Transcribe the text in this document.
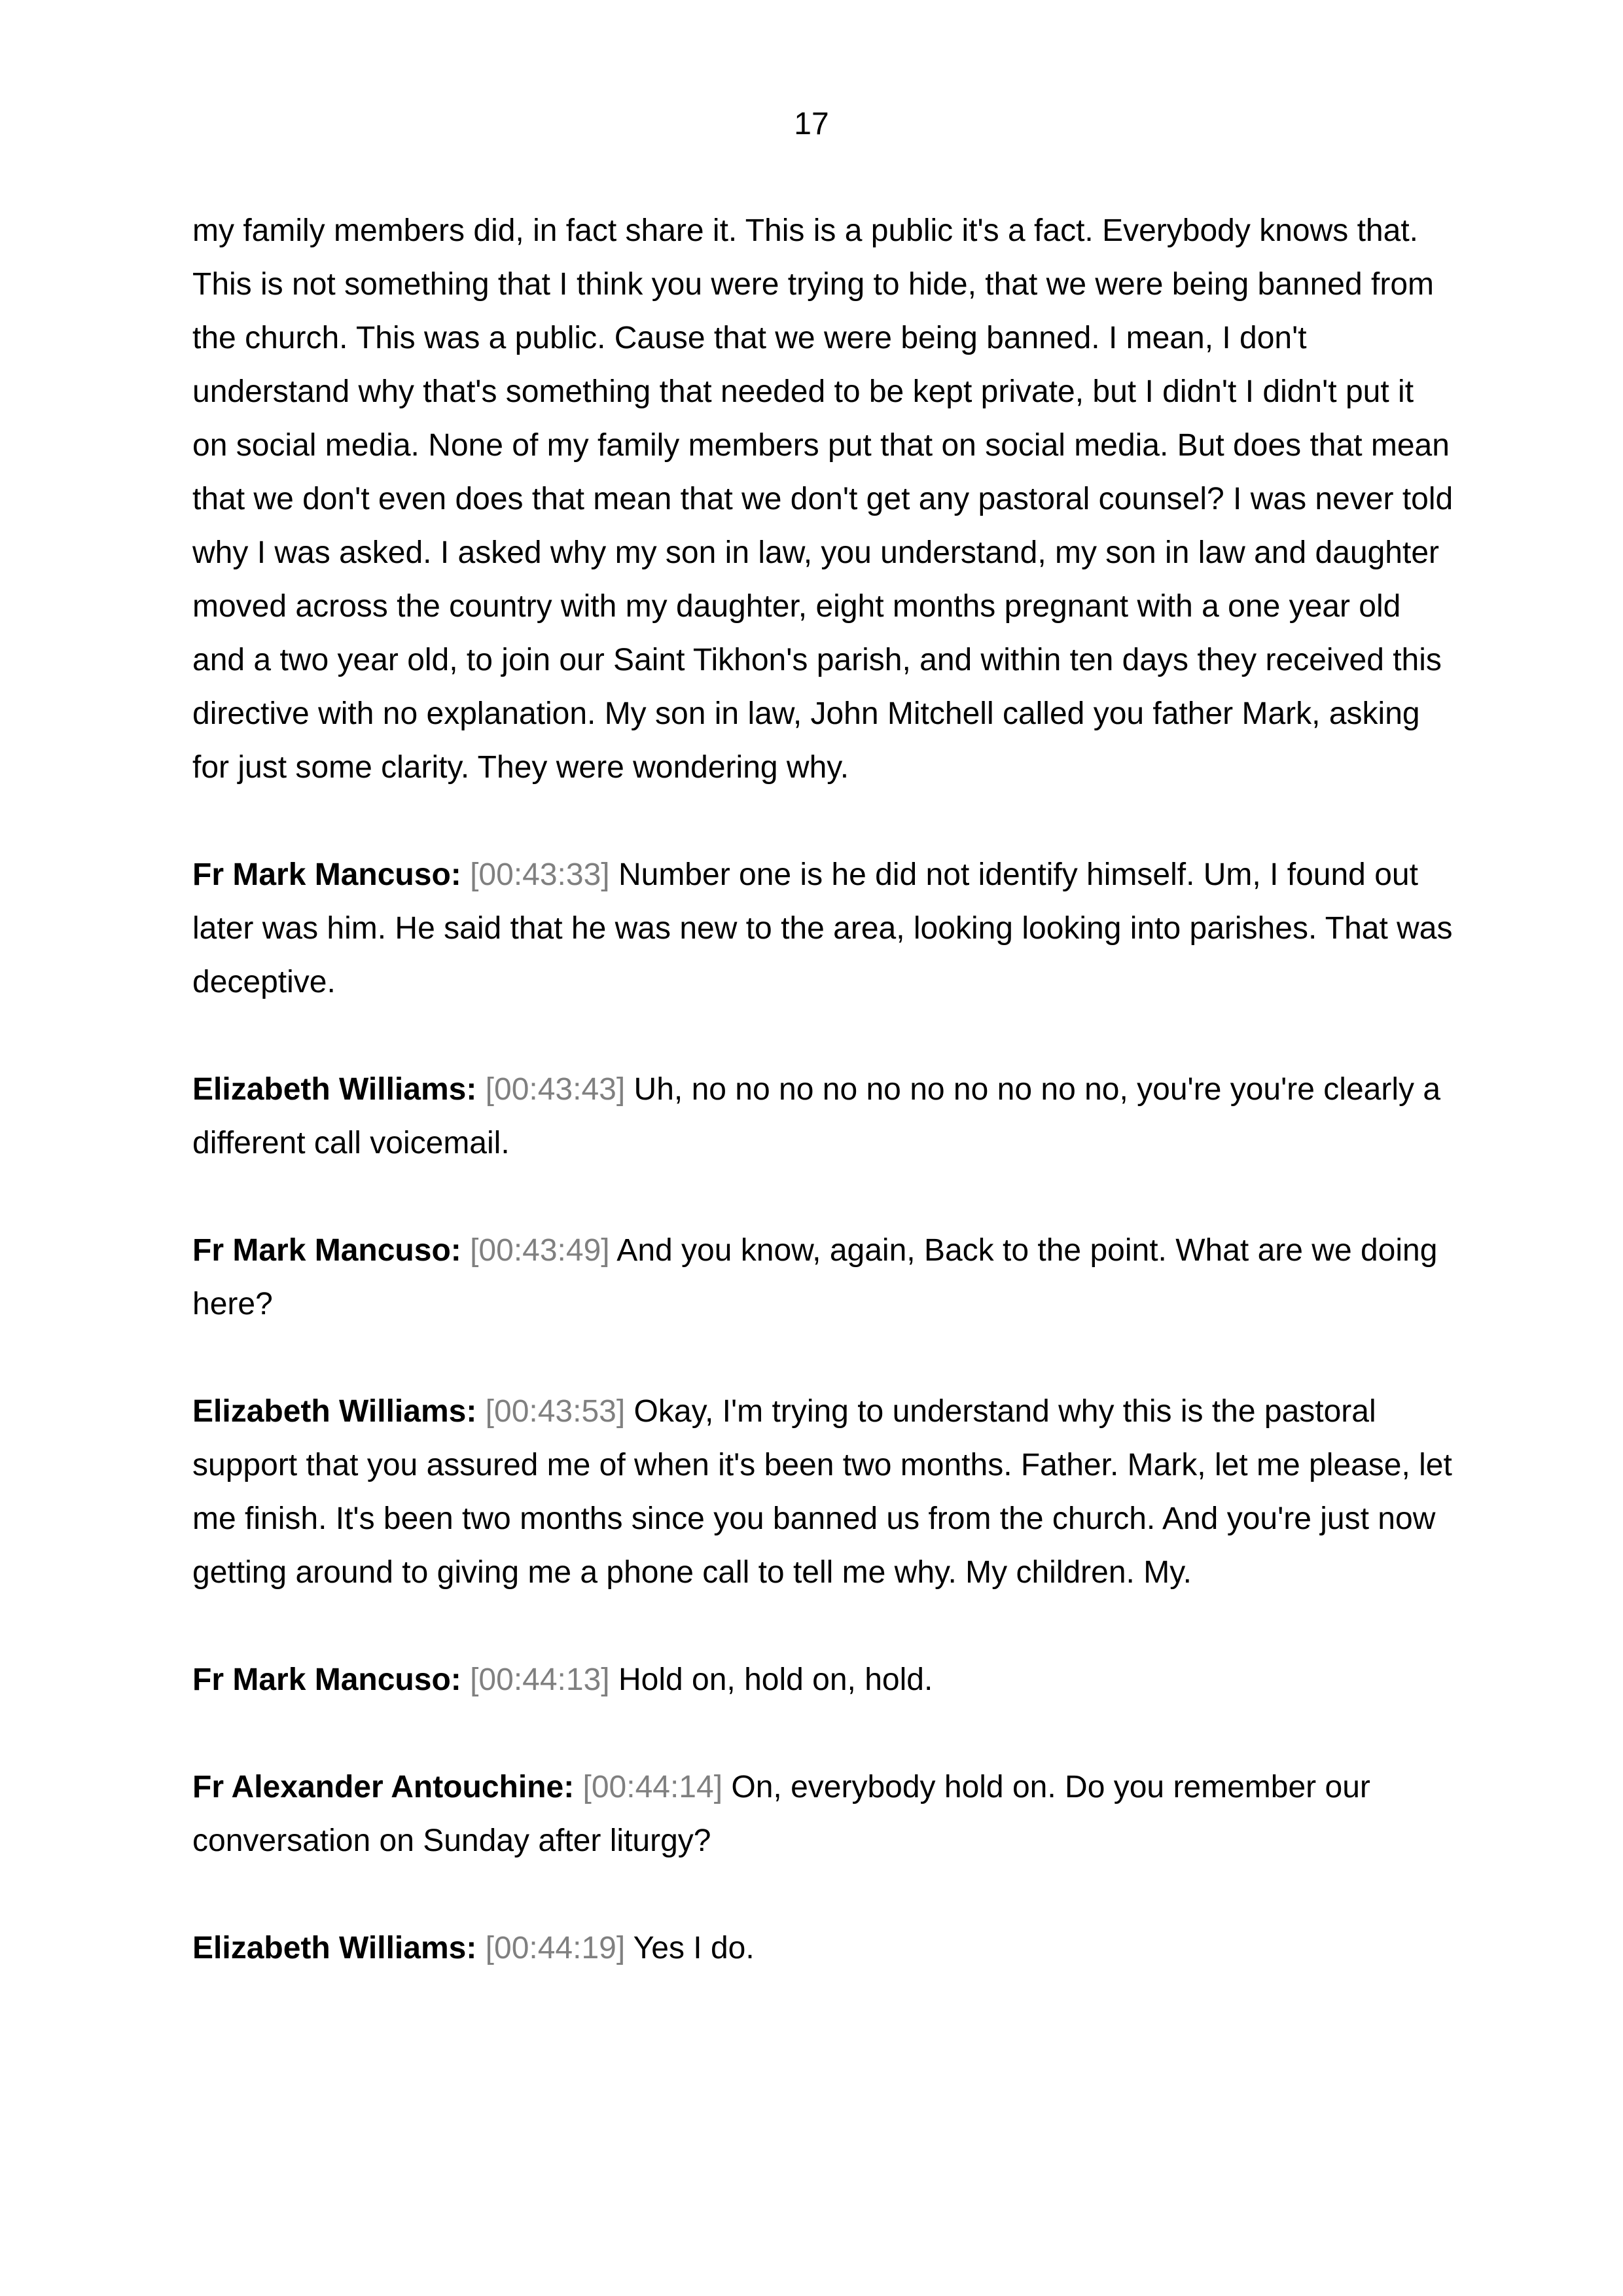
17

my family members did, in fact share it. This is a public it's a fact. Everybody knows that. This is not something that I think you were trying to hide, that we were being banned from the church. This was a public. Cause that we were being banned. I mean, I don't understand why that's something that needed to be kept private, but I didn't I didn't put it on social media. None of my family members put that on social media. But does that mean that we don't even does that mean that we don't get any pastoral counsel? I was never told why I was asked. I asked why my son in law, you understand, my son in law and daughter moved across the country with my daughter, eight months pregnant with a one year old and a two year old, to join our Saint Tikhon's parish, and within ten days they received this directive with no explanation. My son in law, John Mitchell called you father Mark, asking for just some clarity. They were wondering why.

Fr Mark Mancuso: [00:43:33] Number one is he did not identify himself. Um, I found out later was him. He said that he was new to the area, looking looking into parishes. That was deceptive.

Elizabeth Williams: [00:43:43] Uh, no no no no no no no no no no, you're you're clearly a different call voicemail.

Fr Mark Mancuso: [00:43:49] And you know, again, Back to the point. What are we doing here?

Elizabeth Williams: [00:43:53] Okay, I'm trying to understand why this is the pastoral support that you assured me of when it's been two months. Father. Mark, let me please, let me finish. It's been two months since you banned us from the church. And you're just now getting around to giving me a phone call to tell me why. My children. My.

Fr Mark Mancuso: [00:44:13] Hold on, hold on, hold.

Fr Alexander Antouchine: [00:44:14] On, everybody hold on. Do you remember our conversation on Sunday after liturgy?

Elizabeth Williams: [00:44:19] Yes I do.
